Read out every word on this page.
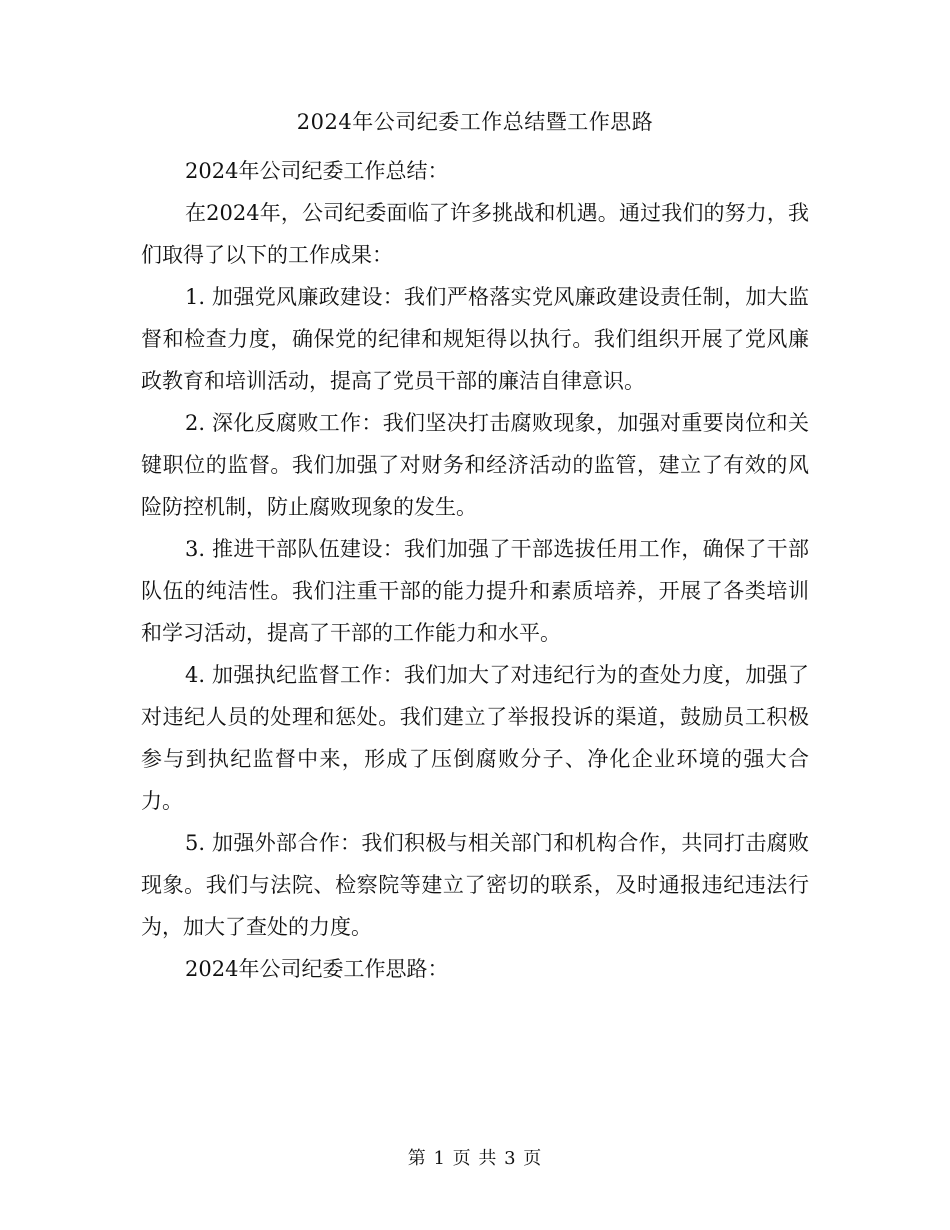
2024年公司纪委工作总结暨工作思路

2024年公司纪委工作总结：

在2024年，公司纪委面临了许多挑战和机遇。通过我们的努力，我们取得了以下的工作成果：

1. 加强党风廉政建设：我们严格落实党风廉政建设责任制，加大监督和检查力度，确保党的纪律和规矩得以执行。我们组织开展了党风廉政教育和培训活动，提高了党员干部的廉洁自律意识。

2. 深化反腐败工作：我们坚决打击腐败现象，加强对重要岗位和关键职位的监督。我们加强了对财务和经济活动的监管，建立了有效的风险防控机制，防止腐败现象的发生。

3. 推进干部队伍建设：我们加强了干部选拔任用工作，确保了干部队伍的纯洁性。我们注重干部的能力提升和素质培养，开展了各类培训和学习活动，提高了干部的工作能力和水平。

4. 加强执纪监督工作：我们加大了对违纪行为的查处力度，加强了对违纪人员的处理和惩处。我们建立了举报投诉的渠道，鼓励员工积极参与到执纪监督中来，形成了压倒腐败分子、净化企业环境的强大合力。

5. 加强外部合作：我们积极与相关部门和机构合作，共同打击腐败现象。我们与法院、检察院等建立了密切的联系，及时通报违纪违法行为，加大了查处的力度。

2024年公司纪委工作思路：

第 1 页 共 3 页
